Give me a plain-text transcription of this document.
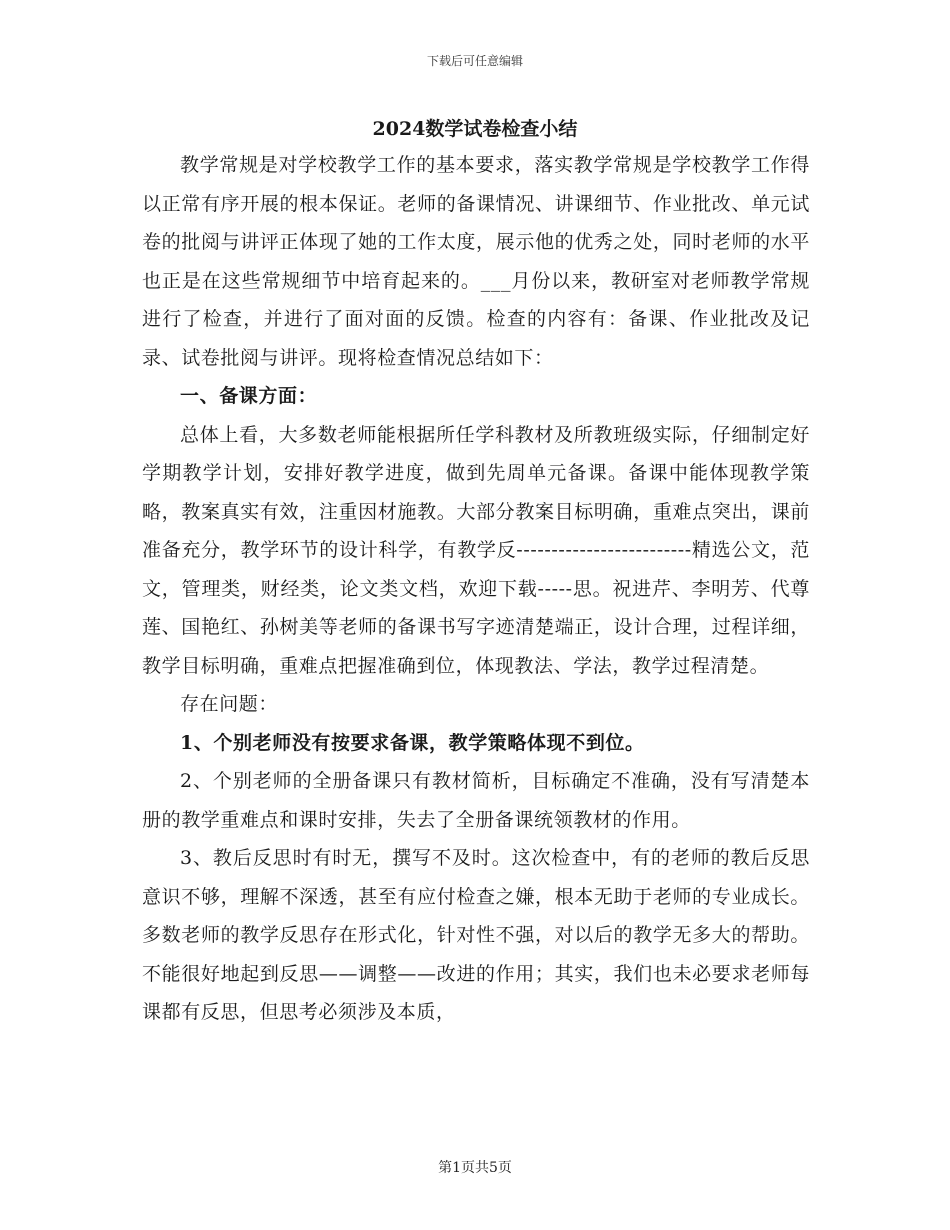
下载后可任意编辑
2024数学试卷检查小结

教学常规是对学校教学工作的基本要求，落实教学常规是学校教学工作得以正常有序开展的根本保证。老师的备课情况、讲课细节、作业批改、单元试卷的批阅与讲评正体现了她的工作太度，展示他的优秀之处，同时老师的水平也正是在这些常规细节中培育起来的。___月份以来，教研室对老师教学常规进行了检查，并进行了面对面的反馈。检查的内容有：备课、作业批改及记录、试卷批阅与讲评。现将检查情况总结如下：

一、备课方面：

总体上看，大多数老师能根据所任学科教材及所教班级实际，仔细制定好学期教学计划，安排好教学进度，做到先周单元备课。备课中能体现教学策略，教案真实有效，注重因材施教。大部分教案目标明确，重难点突出，课前准备充分，教学环节的设计科学，有教学反-------------------------精选公文，范文，管理类，财经类，论文类文档，欢迎下载-----思。祝进芹、李明芳、代尊莲、国艳红、孙树美等老师的备课书写字迹清楚端正，设计合理，过程详细，教学目标明确，重难点把握准确到位，体现教法、学法，教学过程清楚。

存在问题：

1、个别老师没有按要求备课，教学策略体现不到位。

2、个别老师的全册备课只有教材简析，目标确定不准确，没有写清楚本册的教学重难点和课时安排，失去了全册备课统领教材的作用。

3、教后反思时有时无，撰写不及时。这次检查中，有的老师的教后反思意识不够，理解不深透，甚至有应付检查之嫌，根本无助于老师的专业成长。多数老师的教学反思存在形式化，针对性不强，对以后的教学无多大的帮助。不能很好地起到反思——调整——改进的作用；其实，我们也未必要求老师每课都有反思，但思考必须涉及本质，

第1页共5页
